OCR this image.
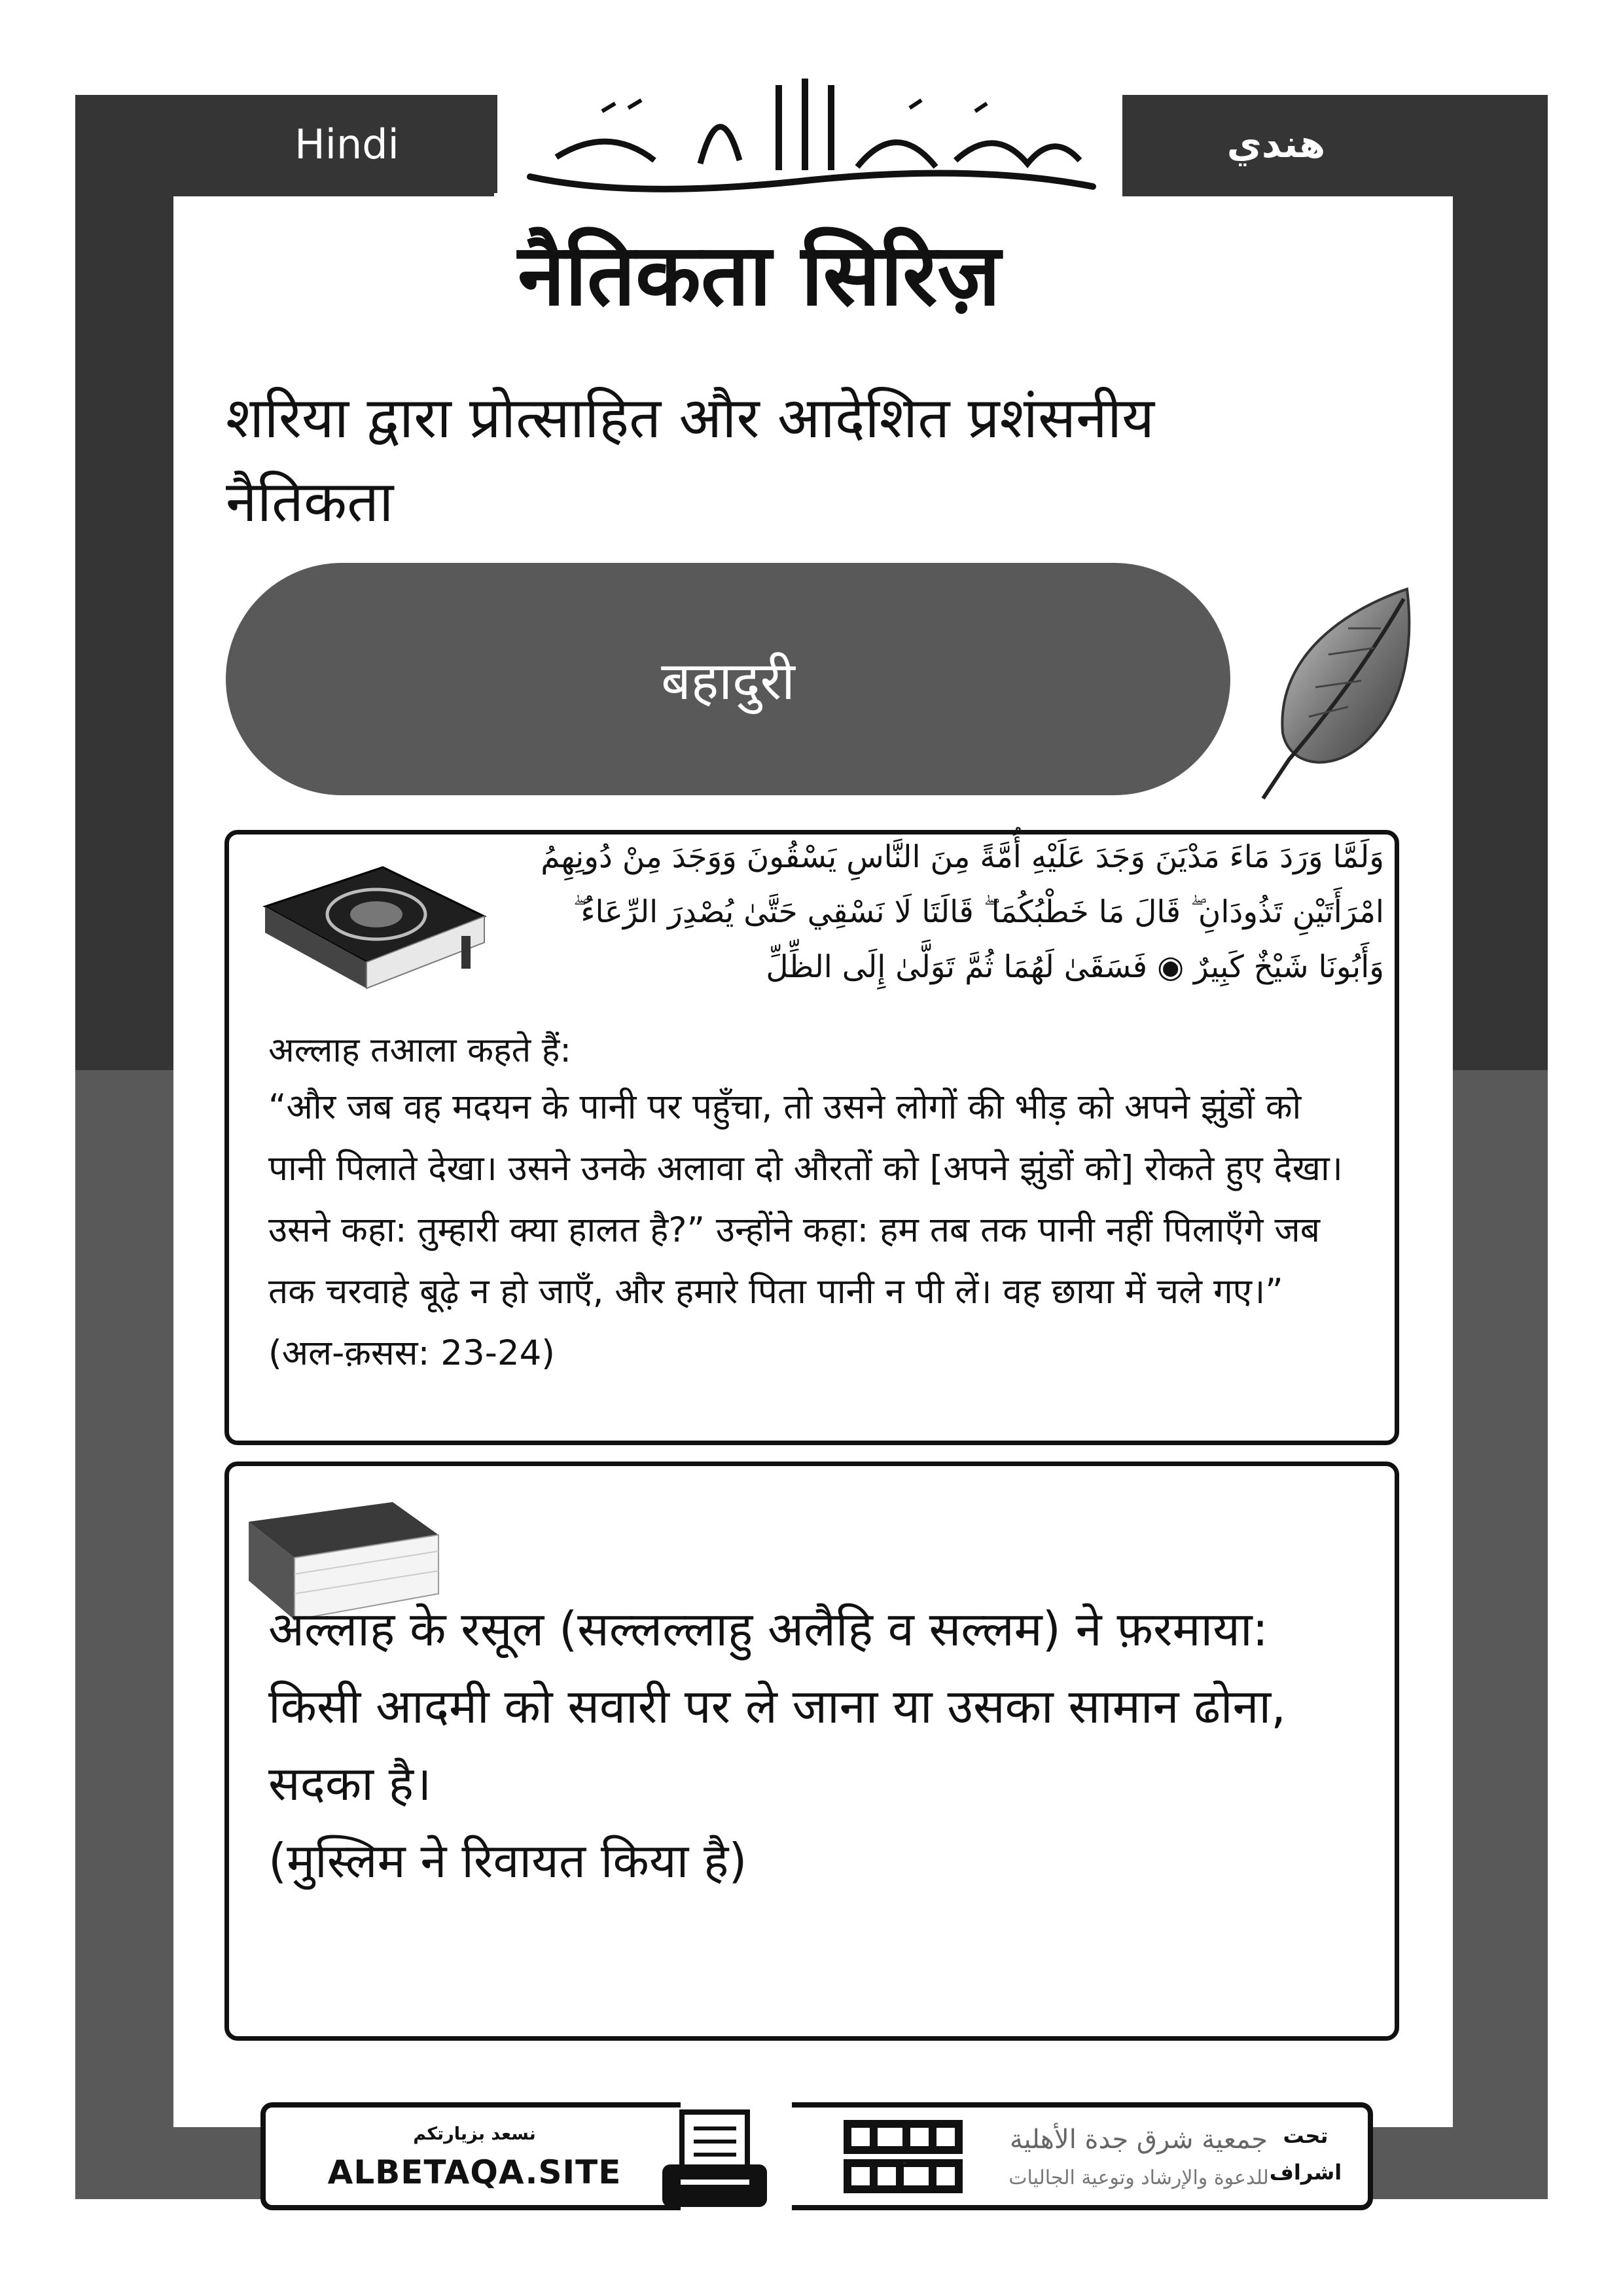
Hindi	هندي
नैतिकता सिरिज़
शरिया द्वारा प्रोत्साहित और आदेशित प्रशंसनीय नैतिकता
बहादुरी
وَلَمَّا وَرَدَ مَاءَ مَدْيَنَ وَجَدَ عَلَيْهِ أُمَّةً مِنَ النَّاسِ يَسْقُونَ وَوَجَدَ مِنْ دُونِهِمُ امْرَأَتَيْنِ تَذُودَانِ ۖ قَالَ مَا خَطْبُكُمَا ۖ قَالَتَا لَا نَسْقِي حَتَّىٰ يُصْدِرَ الرِّعَاءُ ۖ وَأَبُونَا شَيْخٌ كَبِيرٌ ◉ فَسَقَىٰ لَهُمَا ثُمَّ تَوَلَّىٰ إِلَى الظِّلِّ
अल्लाह तआला कहते हैं:
“और जब वह मदयन के पानी पर पहुँचा, तो उसने लोगों की भीड़ को अपने झुंडों को पानी पिलाते देखा। उसने उनके अलावा दो औरतों को [अपने झुंडों को] रोकते हुए देखा। उसने कहा: तुम्हारी क्या हालत है?” उन्होंने कहा: हम तब तक पानी नहीं पिलाएँगे जब तक चरवाहे बूढ़े न हो जाएँ, और हमारे पिता पानी न पी लें। वह छाया में चले गए।” (अल-क़सस: 23-24)
अल्लाह के रसूल (सल्लल्लाहु अलैहि व सल्लम) ने फ़रमाया:
किसी आदमी को सवारी पर ले जाना या उसका सामान ढोना, सदका है।
(मुस्लिम ने रिवायत किया है)
نسعد بزيارتكم
ALBETAQA.SITE	دعوة الورقة
جمعية شرق جدة الأهلية
للدعوة والإرشاد وتوعية الجاليات
تحت اشراف
